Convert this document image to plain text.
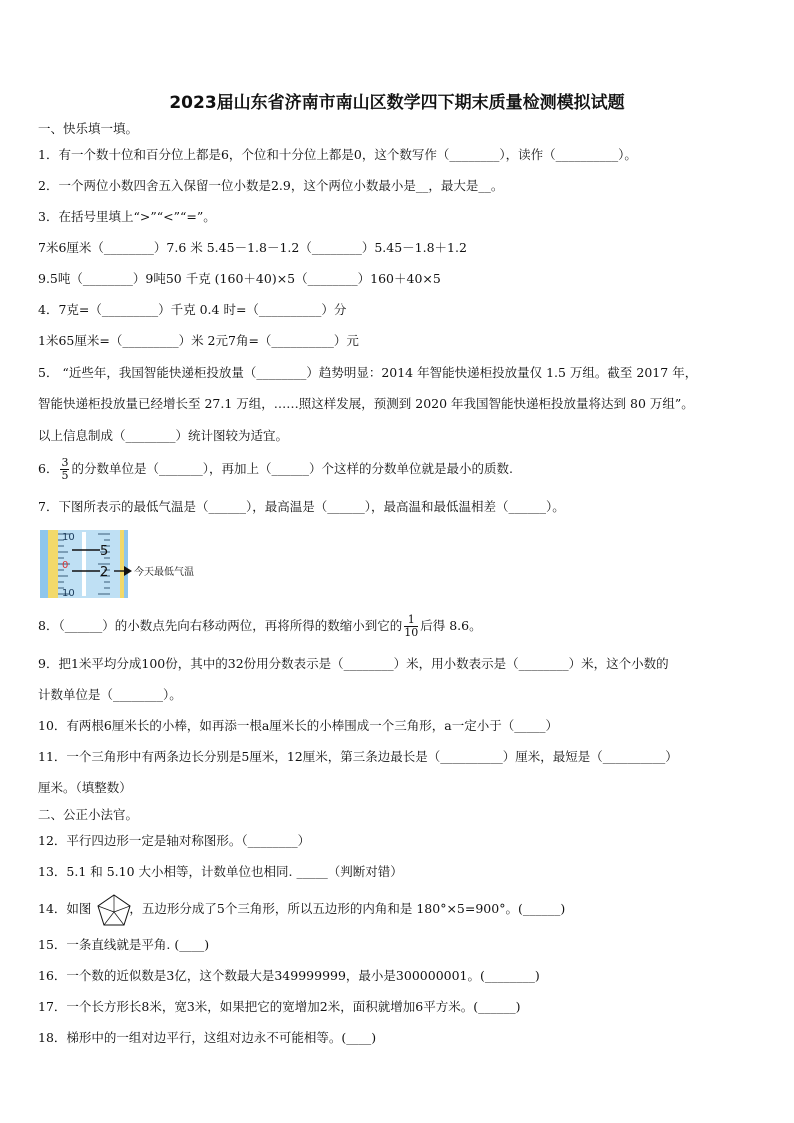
2023届山东省济南市南山区数学四下期末质量检测模拟试题
一、快乐填一填。
1．有一个数十位和百分位上都是6，个位和十分位上都是0，这个数写作（________），读作（__________）。
2．一个两位小数四舍五入保留一位小数是2.9，这个两位小数最小是__，最大是__。
3．在括号里填上“>”“<”“=”。
7米6厘米（________）7.6 米 5.45－1.8－1.2（________）5.45－1.8＋1.2
9.5吨（________）9吨50 千克 (160＋40)×5（________）160＋40×5
4．7克=（_________）千克 0.4 时=（__________）分
1米65厘米=（_________）米 2元7角=（__________）元
5． “近些年，我国智能快递柜投放量（________）趋势明显：2014 年智能快递柜投放量仅 1.5 万组。截至 2017 年，
智能快递柜投放量已经增长至 27.1 万组，……照这样发展，预测到 2020 年我国智能快递柜投放量将达到 80 万组”。
以上信息制成（________）统计图较为适宜。
6． $\frac{3}{5}$ 的分数单位是（_______），再加上（______）个这样的分数单位就是最小的质数.
7．下图所表示的最低气温是（______），最高温是（______），最高温和最低温相差（______）。
10
0
10
5
2	今天最低气温
8．（______）的小数点先向右移动两位，再将所得的数缩小到它的 $\frac{1}{10}$ 后得 8.6。
9．把1米平均分成100份，其中的32份用分数表示是（________）米，用小数表示是（________）米，这个小数的
计数单位是（________）。
10．有两根6厘米长的小棒，如再添一根a厘米长的小棒围成一个三角形，a一定小于（_____）
11．一个三角形中有两条边长分别是5厘米，12厘米，第三条边最长是（__________）厘米，最短是（__________）
厘米。（填整数）
二、公正小法官。
12．平行四边形一定是轴对称图形。（________）
13．5.1 和 5.10 大小相等，计数单位也相同. _____（判断对错）
14．如图	，五边形分成了5个三角形，所以五边形的内角和是 180°×5=900°。(______)
15．一条直线就是平角. (____)
16．一个数的近似数是3亿，这个数最大是349999999，最小是300000001。(________)
17．一个长方形长8米，宽3米，如果把它的宽增加2米，面积就增加6平方米。(______)
18．梯形中的一组对边平行，这组对边永不可能相等。(____)
